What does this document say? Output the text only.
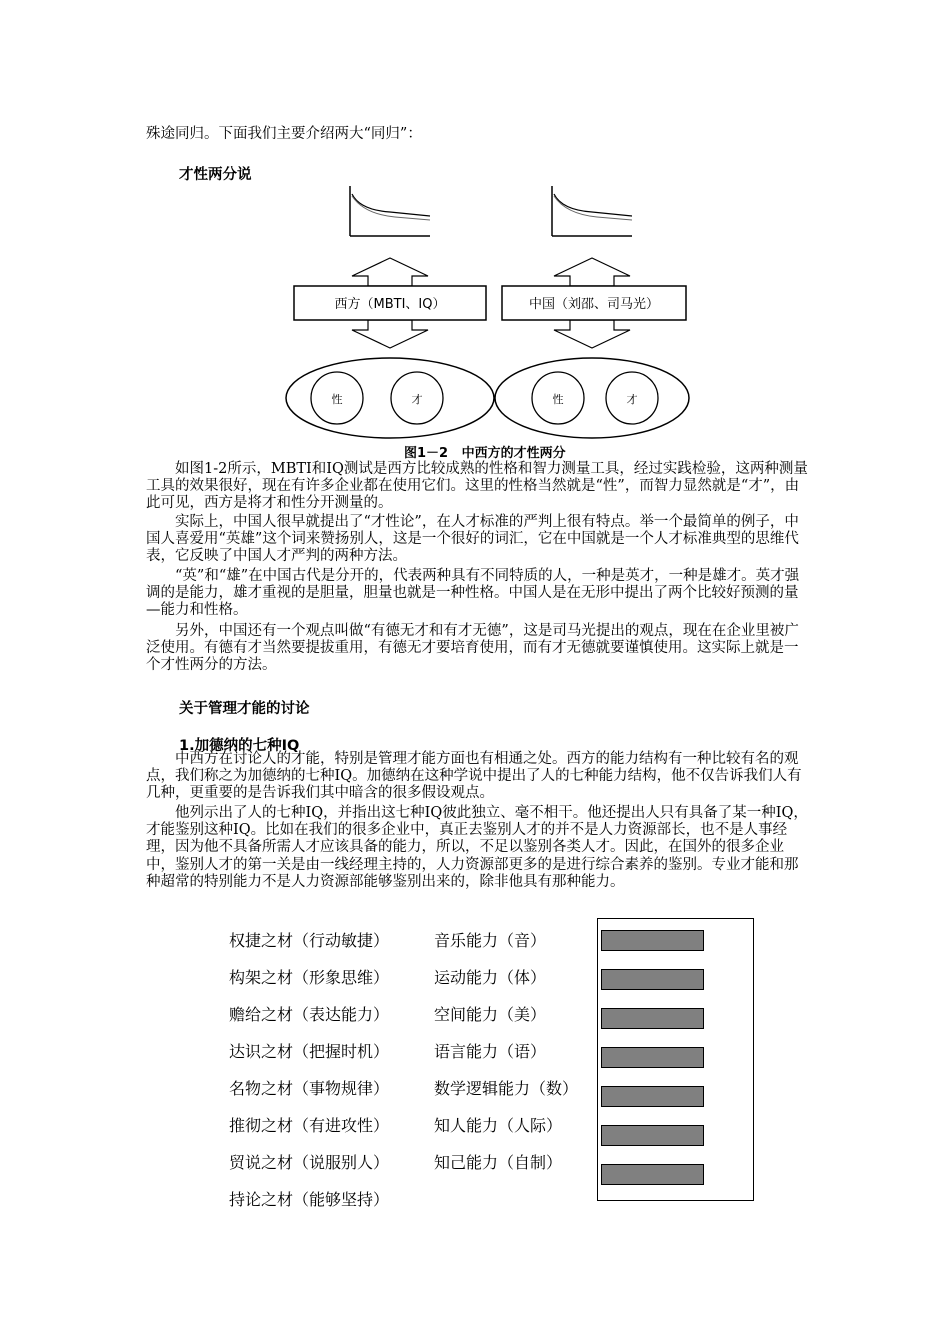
殊途同归。下面我们主要介绍两大“同归”：
才性两分说
西方（MBTI、IQ）	中国（刘邵、司马光）
性	才	性	才
图1－2   中西方的才性两分
如图1-2所示，MBTI和IQ测试是西方比较成熟的性格和智力测量工具，经过实践检验，这两种测量工具的效果很好，现在有许多企业都在使用它们。这里的性格当然就是“性”，而智力显然就是“才”，由此可见，西方是将才和性分开测量的。
实际上，中国人很早就提出了“才性论”，在人才标准的严判上很有特点。举一个最简单的例子，中国人喜爱用“英雄”这个词来赞扬别人，这是一个很好的词汇，它在中国就是一个人才标准典型的思维代表，它反映了中国人才严判的两种方法。
“英”和“雄”在中国古代是分开的，代表两种具有不同特质的人，一种是英才，一种是雄才。英才强调的是能力，雄才重视的是胆量，胆量也就是一种性格。中国人是在无形中提出了两个比较好预测的量—能力和性格。
另外，中国还有一个观点叫做“有德无才和有才无德”，这是司马光提出的观点，现在在企业里被广泛使用。有德有才当然要提拔重用，有德无才要培育使用，而有才无德就要谨慎使用。这实际上就是一个才性两分的方法。
关于管理才能的讨论
1.加德纳的七种IQ
中西方在讨论人的才能，特别是管理才能方面也有相通之处。西方的能力结构有一种比较有名的观点，我们称之为加德纳的七种IQ。加德纳在这种学说中提出了人的七种能力结构，他不仅告诉我们人有几种，更重要的是告诉我们其中暗含的很多假设观点。
他列示出了人的七种IQ，并指出这七种IQ彼此独立、毫不相干。他还提出人只有具备了某一种IQ，才能鉴别这种IQ。比如在我们的很多企业中，真正去鉴别人才的并不是人力资源部长，也不是人事经理，因为他不具备所需人才应该具备的能力，所以，不足以鉴别各类人才。因此，在国外的很多企业中，鉴别人才的第一关是由一线经理主持的，人力资源部更多的是进行综合素养的鉴别。专业才能和那种超常的特别能力不是人力资源部能够鉴别出来的，除非他具有那种能力。
权捷之材（行动敏捷）
构架之材（形象思维）
赡给之材（表达能力）
达识之材（把握时机）
名物之材（事物规律）
推彻之材（有进攻性）
贸说之材（说服别人）
持论之材（能够坚持）
音乐能力（音）
运动能力（体）
空间能力（美）
语言能力（语）
数学逻辑能力（数）
知人能力（人际）
知己能力（自制）
